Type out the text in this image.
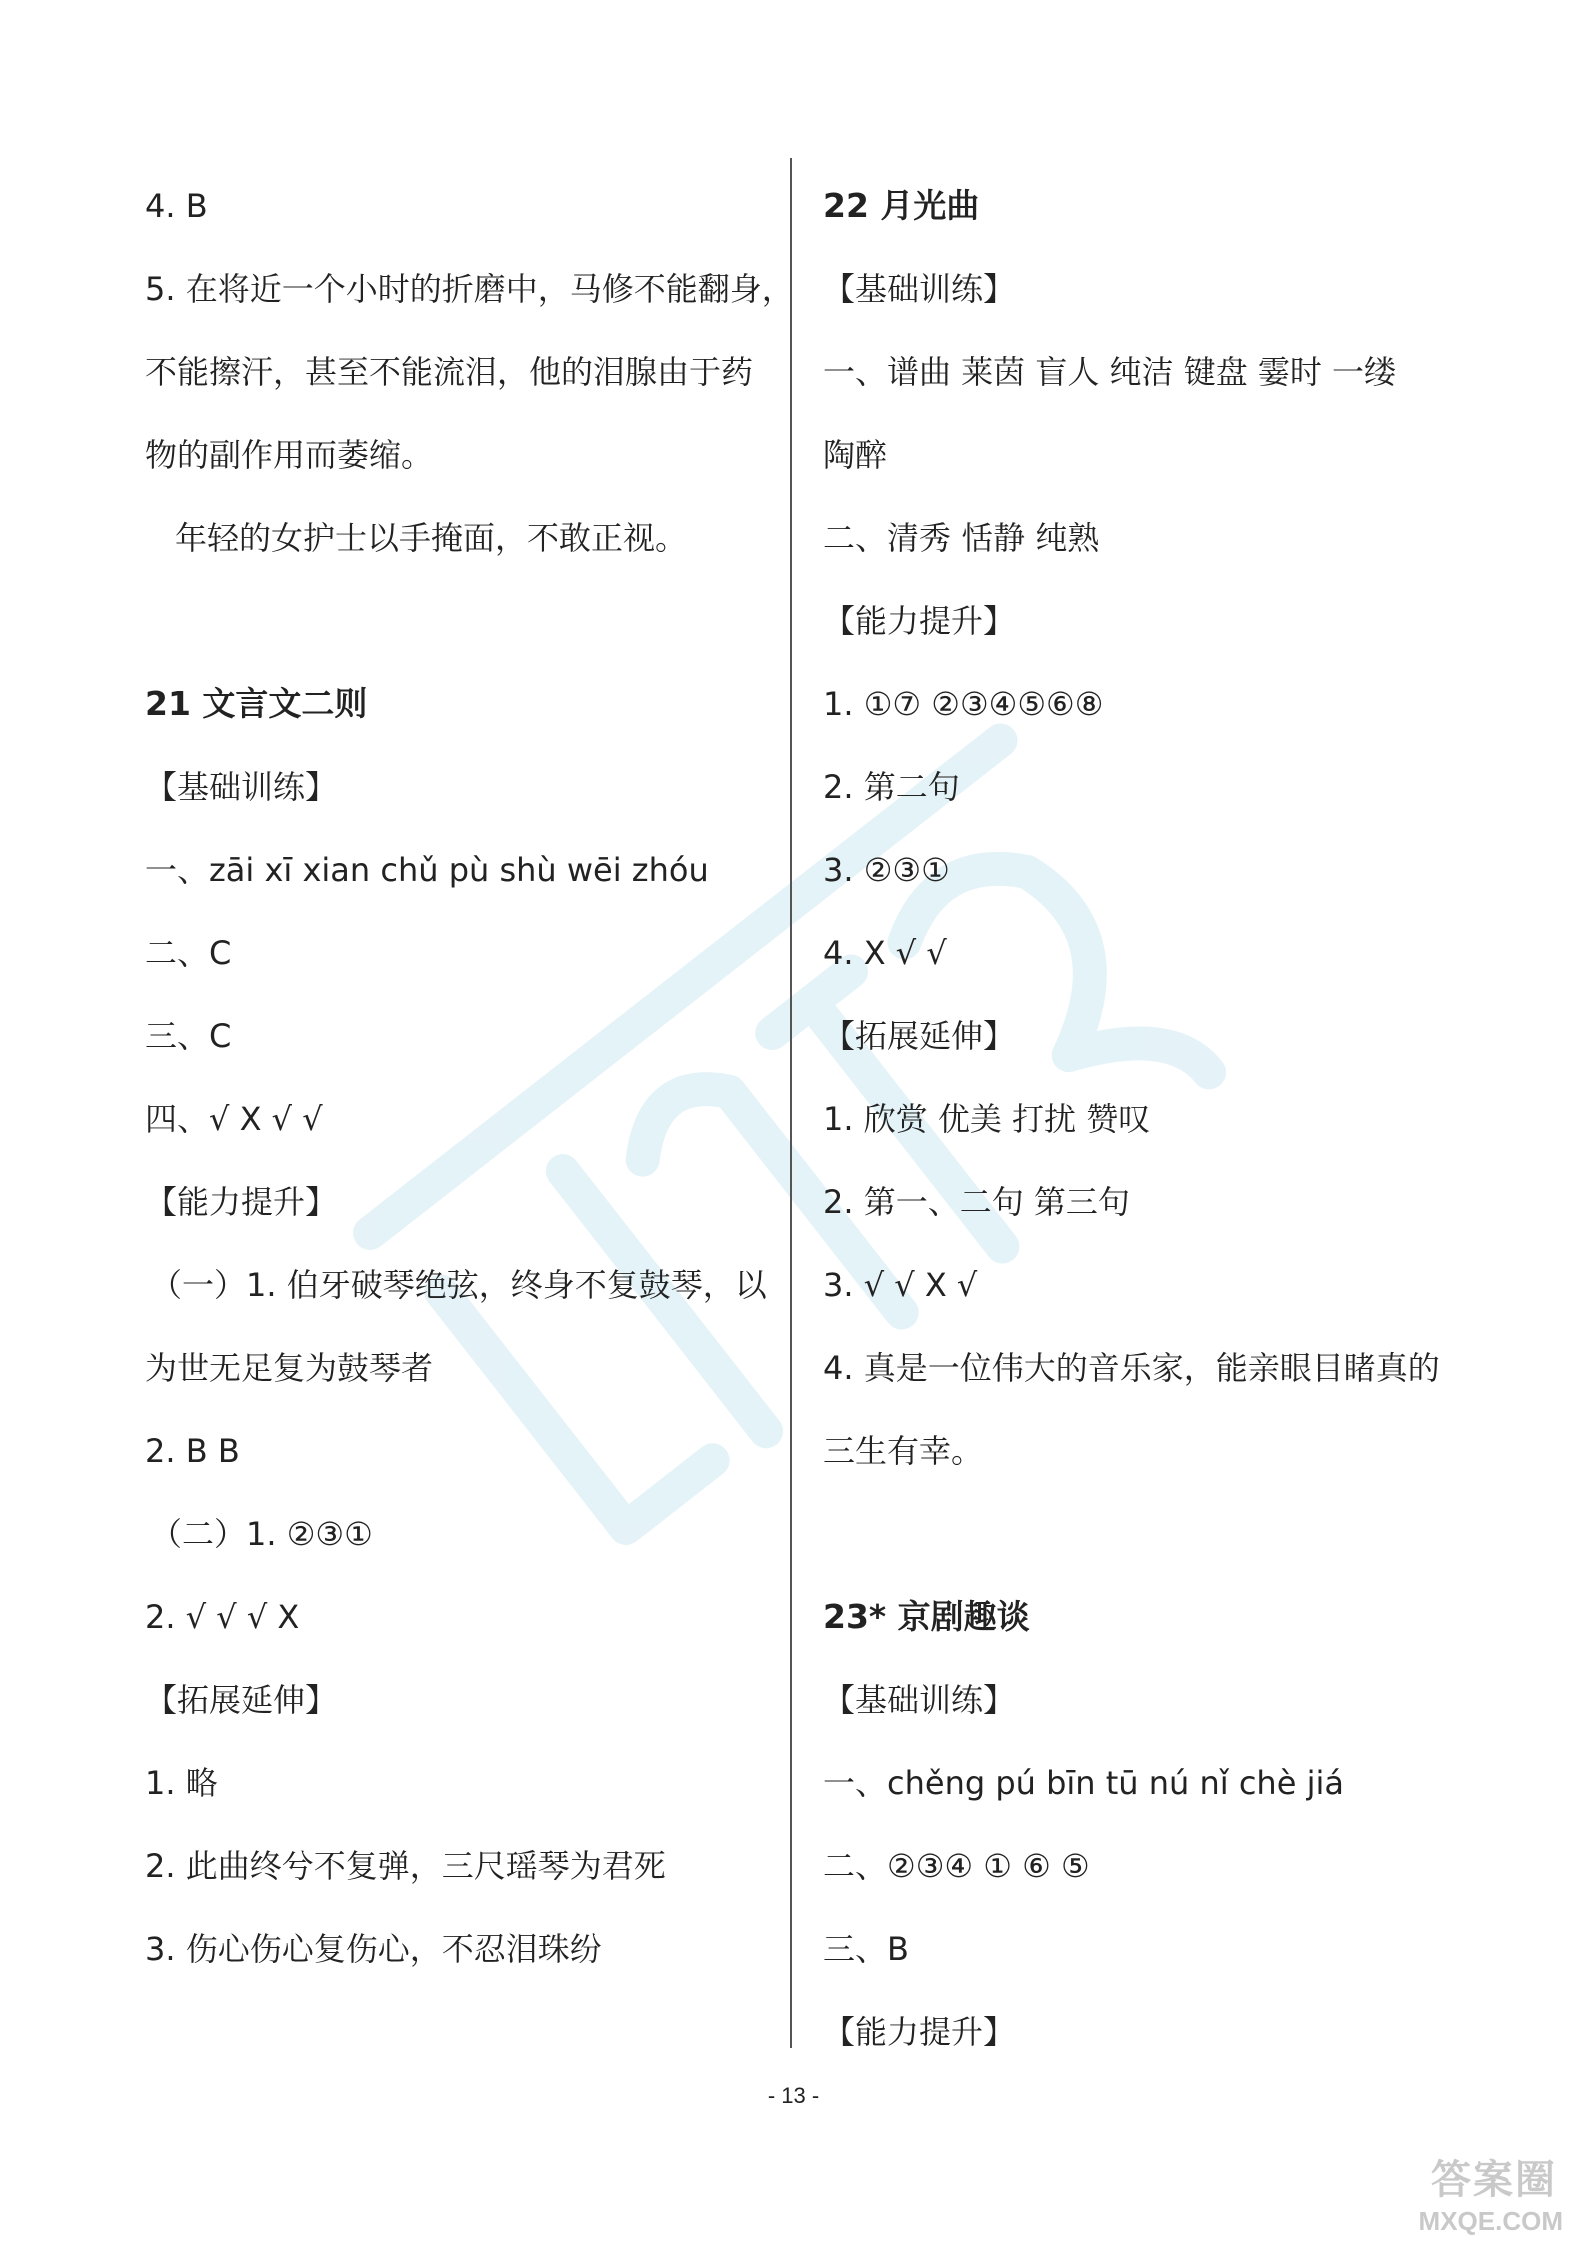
4. B
5. 在将近一个小时的折磨中，马修不能翻身，
不能擦汗，甚至不能流泪，他的泪腺由于药
物的副作用而萎缩。
年轻的女护士以手掩面，不敢正视。
21 文言文二则
【基础训练】
一、zāi xī xian chǔ pù shù wēi zhóu
二、C
三、C
四、√ X √ √
【能力提升】
（一）1. 伯牙破琴绝弦，终身不复鼓琴，以
为世无足复为鼓琴者
2. B B
（二）1. ②③①
2. √ √ √ X
【拓展延伸】
1. 略
2. 此曲终兮不复弹，三尺瑶琴为君死
3. 伤心伤心复伤心，不忍泪珠纷
22 月光曲
【基础训练】
一、谱曲 莱茵 盲人 纯洁 键盘 霎时 一缕
陶醉
二、清秀 恬静 纯熟
【能力提升】
1. ①⑦ ②③④⑤⑥⑧
2. 第二句
3. ②③①
4. X √ √
【拓展延伸】
1. 欣赏 优美 打扰 赞叹
2. 第一、二句 第三句
3. √ √ X √
4. 真是一位伟大的音乐家，能亲眼目睹真的
三生有幸。
23* 京剧趣谈
【基础训练】
一、chěng pú bīn tū nú nǐ chè jiá
二、②③④ ① ⑥ ⑤
三、B
【能力提升】
- 13 -
答案圈
MXQE.COM
